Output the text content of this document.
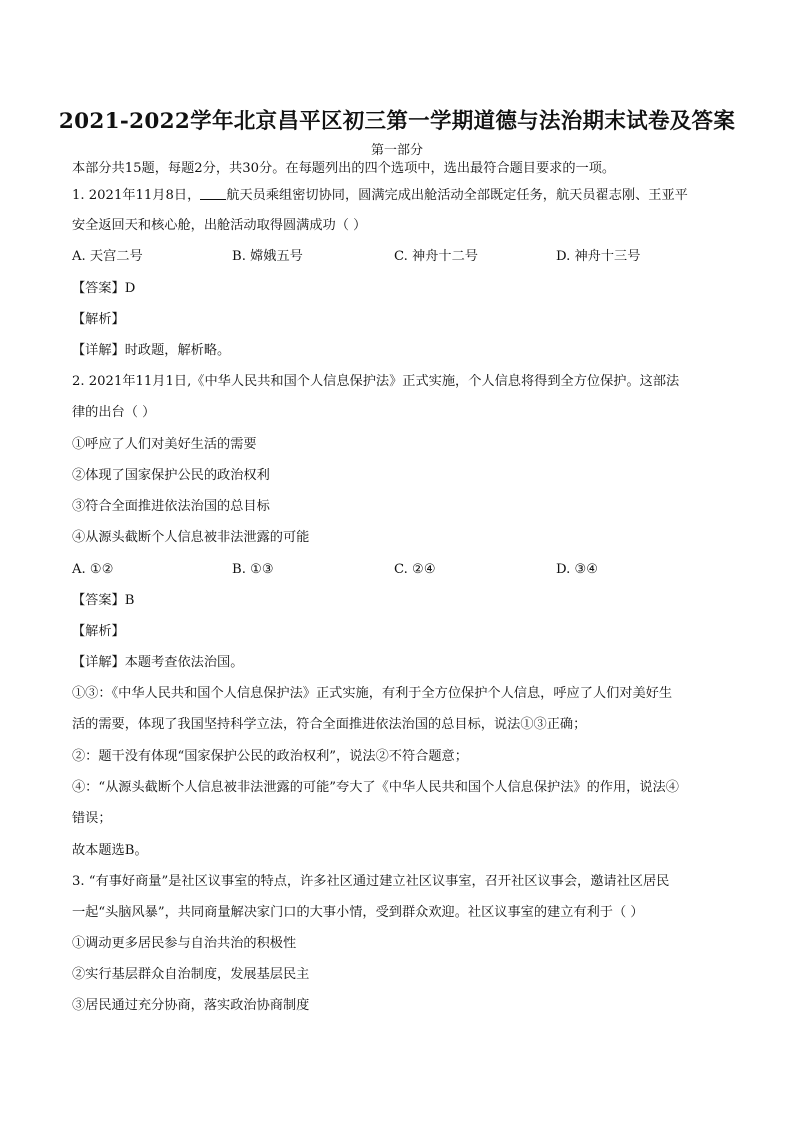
2021-2022学年北京昌平区初三第一学期道德与法治期末试卷及答案
第一部分
本部分共15题，每题2分，共30分。在每题列出的四个选项中，选出最符合题目要求的一项。
1. 2021年11月8日， 航天员乘组密切协同，圆满完成出舱活动全部既定任务，航天员翟志刚、王亚平
安全返回天和核心舱，出舱活动取得圆满成功（ ）
A. 天宫二号	B. 嫦娥五号	C. 神舟十二号	D. 神舟十三号
【答案】D
【解析】
【详解】时政题，解析略。
2. 2021年11月1日,《中华人民共和国个人信息保护法》正式实施，个人信息将得到全方位保护。这部法
律的出台（ ）
①呼应了人们对美好生活的需要
②体现了国家保护公民的政治权利
③符合全面推进依法治国的总目标
④从源头截断个人信息被非法泄露的可能
A. ①②	B. ①③	C. ②④	D. ③④
【答案】B
【解析】
【详解】本题考查依法治国。
①③：《中华人民共和国个人信息保护法》正式实施，有利于全方位保护个人信息，呼应了人们对美好生
活的需要，体现了我国坚持科学立法，符合全面推进依法治国的总目标，说法①③正确；
②：题干没有体现“国家保护公民的政治权利”，说法②不符合题意；
④：“从源头截断个人信息被非法泄露的可能”夸大了《中华人民共和国个人信息保护法》的作用，说法④
错误；
故本题选B。
3. “有事好商量”是社区议事室的特点，许多社区通过建立社区议事室，召开社区议事会，邀请社区居民
一起“头脑风暴”，共同商量解决家门口的大事小情，受到群众欢迎。社区议事室的建立有利于（ ）
①调动更多居民参与自治共治的积极性
②实行基层群众自治制度，发展基层民主
③居民通过充分协商，落实政治协商制度
